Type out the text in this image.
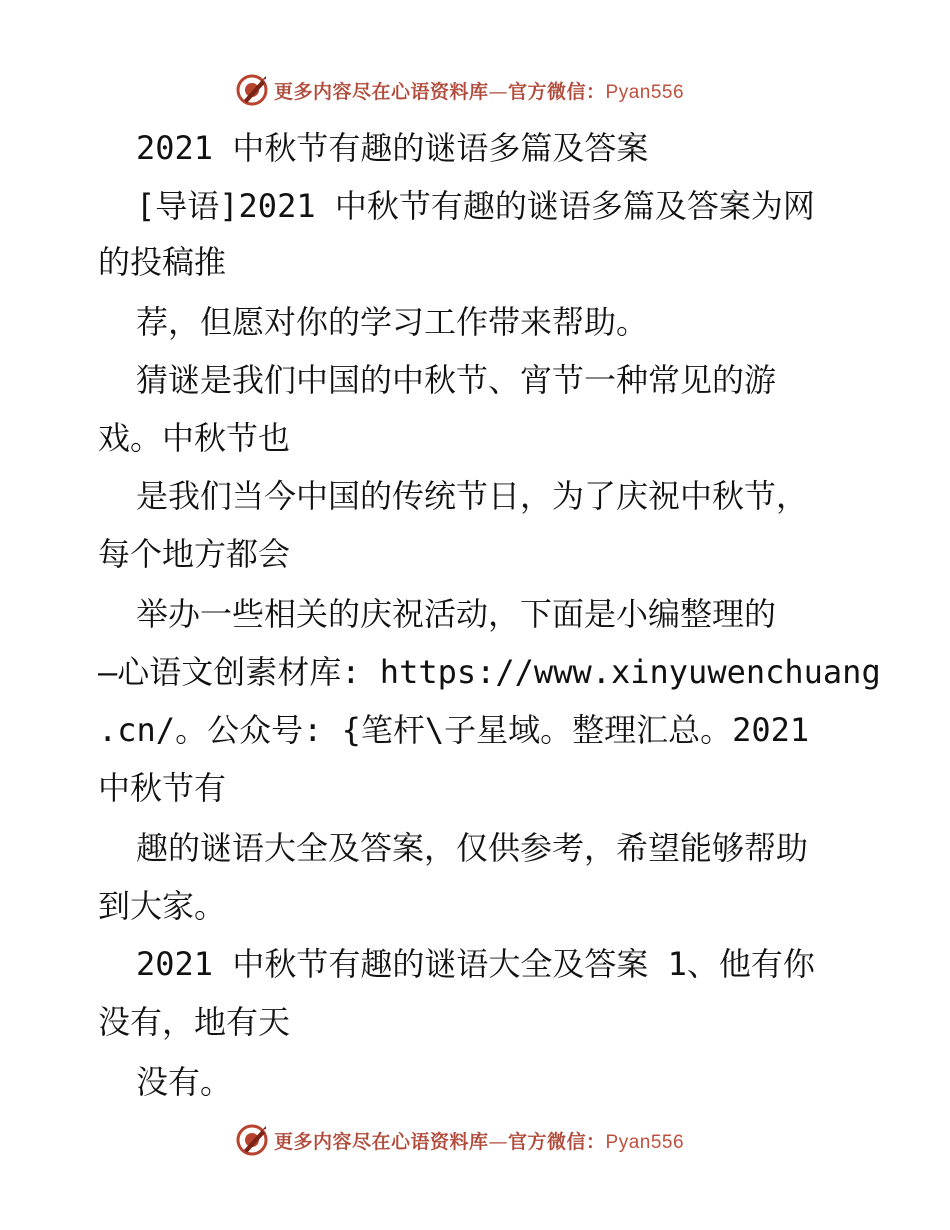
更多内容尽在心语资料库—官方微信：Pyan556
2021 中秋节有趣的谜语多篇及答案
[导语]2021 中秋节有趣的谜语多篇及答案为网
的投稿推
荐，但愿对你的学习工作带来帮助。
猜谜是我们中国的中秋节、宵节一种常见的游
戏。中秋节也
是我们当今中国的传统节日，为了庆祝中秋节，
每个地方都会
举办一些相关的庆祝活动，下面是小编整理的
—心语文创素材库: https://www.xinyuwenchuang
.cn/。公众号: {笔杆\子星域。整理汇总。2021
中秋节有
趣的谜语大全及答案，仅供参考，希望能够帮助
到大家。
2021 中秋节有趣的谜语大全及答案 1、他有你
没有，地有天
没有。
更多内容尽在心语资料库—官方微信：Pyan556
